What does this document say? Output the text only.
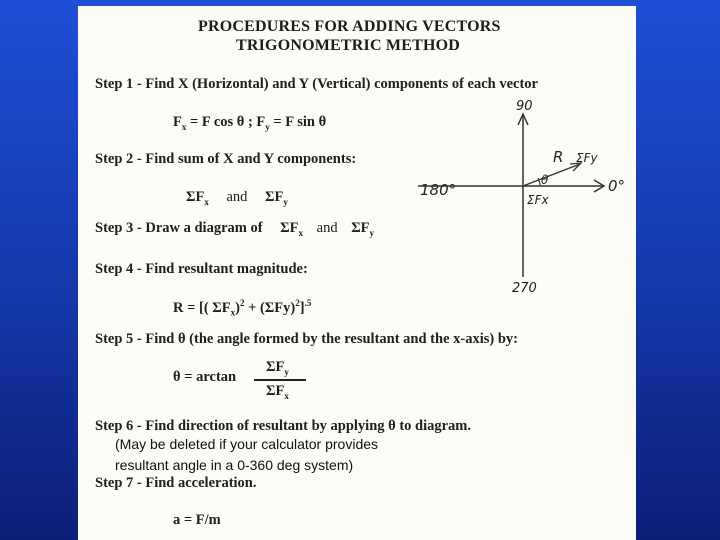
PROCEDURES FOR ADDING VECTORS
TRIGONOMETRIC METHOD
Step 1 - Find X (Horizontal) and Y (Vertical) components of each vector
$F_x = F$ cos θ ; $F_y = F$ sin θ
Step 2 - Find sum of X and Y components:
$\Sigma F_x$ and $\Sigma F_y$
Step 3 - Draw a diagram of $\Sigma F_x$ and $\Sigma F_y$
Step 4 - Find resultant magnitude:
R = [( $\Sigma F_x)^2 + (\Sigma Fy)^2]^{.5}$
Step 5 - Find θ (the angle formed by the resultant and the x-axis) by:
θ = arctan
$\Sigma F_y$
$\Sigma F_x$
Step 6 - Find direction of resultant by applying θ to diagram.
(May be deleted if your calculator provides
resultant angle in a 0-360 deg system)
Step 7 - Find acceleration.
a = F/m
90
180°	0°
270
R ΣFy
ΣFx
θ
